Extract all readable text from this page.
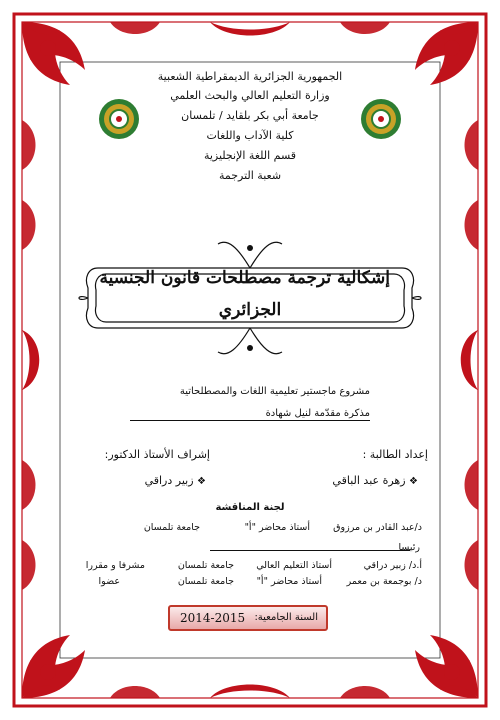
الجمهورية الجزائرية الديمقراطية الشعبية
وزارة التعليم العالي والبحث العلمي
جامعة أبي بكر بلقايد / تلمسان
كلية الآداب واللغات
قسم اللغة الإنجليزية
شعبة الترجمة
إشكالية ترجمة مصطلحات قانون الجنسية
الجزائري
مشروع ماجستير تعليمية اللغات والمصطلحاتية
مذكرة مقدّمة لنيل شهادة
إعداد الطالبة :
إشراف الأستاذ الدكتور:
❖ زهرة عبد الباقي
❖ زبير دراقي
لجنة المناقشة
د/عبد القادر بن مرزوق
أستاذ محاضر "أ"
جامعة تلمسان
رئيسا
أ.د/ زبير دراقي
أستاذ التعليم العالي
جامعة تلمسان
مشرفا و مقررا
د/ بوجمعة بن معمر
أستاذ محاضر "أ"
جامعة تلمسان
عضوا
السنة الجامعية:
2014-2015
